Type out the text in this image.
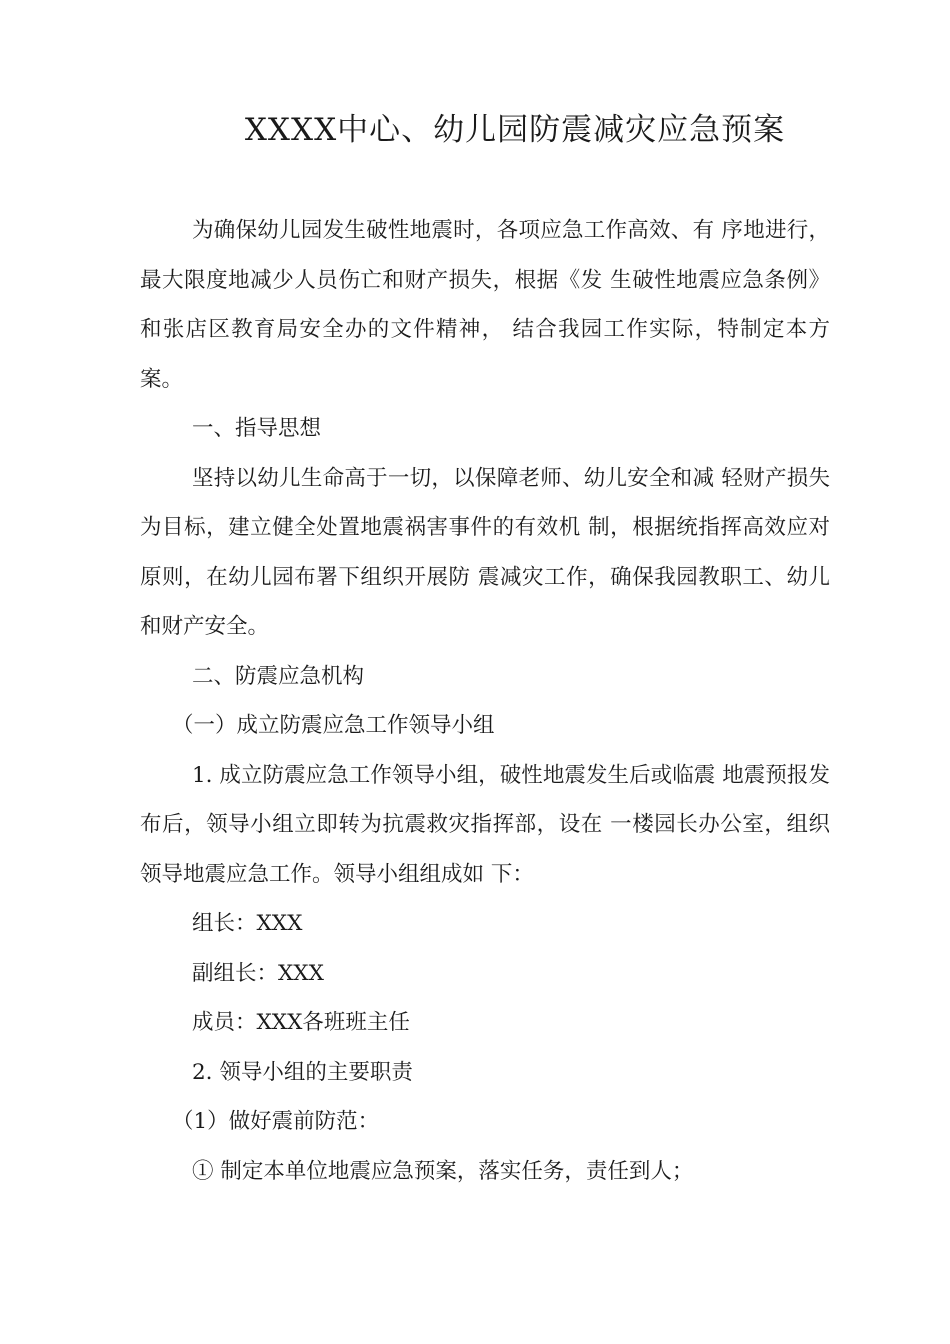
XXXX中心、幼儿园防震减灾应急预案

为确保幼儿园发生破性地震时，各项应急工作高效、有 序地进行，最大限度地减少人员伤亡和财产损失，根据《发 生破性地震应急条例》和张店区教育局安全办的文件精神， 结合我园工作实际，特制定本方案。

一、指导思想

坚持以幼儿生命高于一切，以保障老师、幼儿安全和减 轻财产损失为目标，建立健全处置地震祸害事件的有效机 制，根据统指挥高效应对原则，在幼儿园布署下组织开展防 震减灾工作，确保我园教职工、幼儿和财产安全。

二、防震应急机构

（一）成立防震应急工作领导小组

1. 成立防震应急工作领导小组，破性地震发生后或临震 地震预报发布后，领导小组立即转为抗震救灾指挥部，设在 一楼园长办公室，组织领导地震应急工作。领导小组组成如 下：

组长：XXX

副组长：XXX

成员：XXX各班班主任

2. 领导小组的主要职责

（1）做好震前防范：

① 制定本单位地震应急预案，落实任务，责任到人；
